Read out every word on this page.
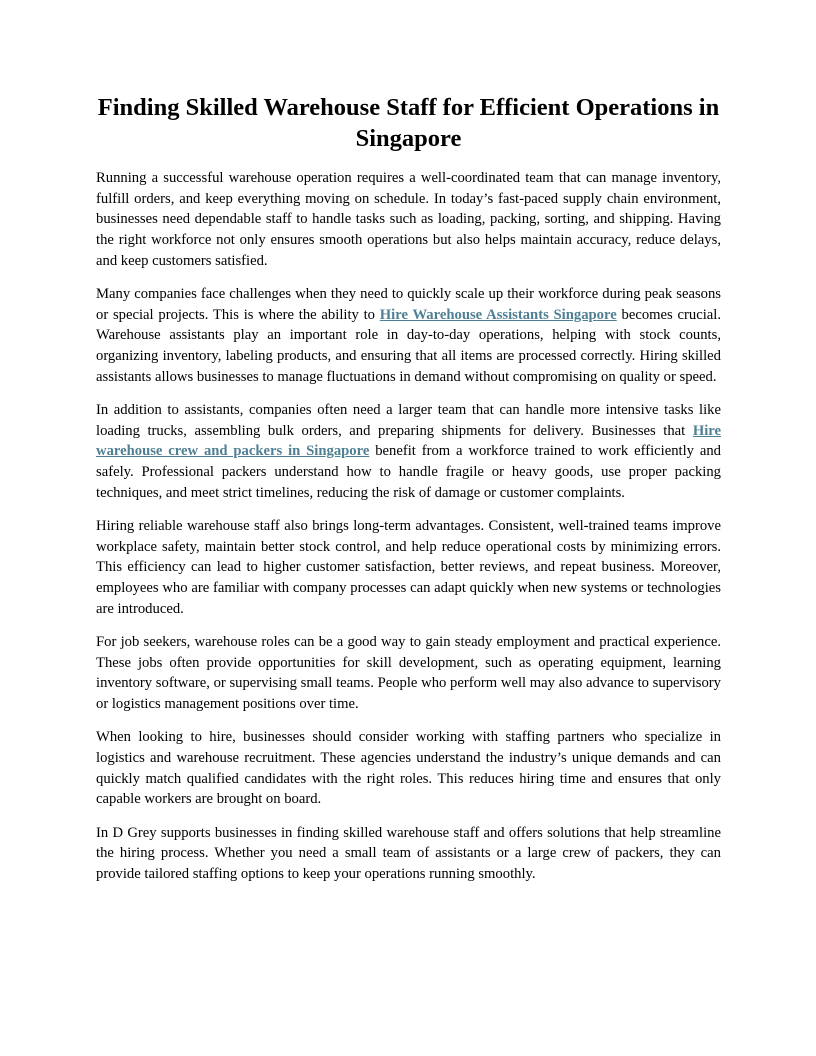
Finding Skilled Warehouse Staff for Efficient Operations in Singapore

Running a successful warehouse operation requires a well-coordinated team that can manage inventory, fulfill orders, and keep everything moving on schedule. In today’s fast-paced supply chain environment, businesses need dependable staff to handle tasks such as loading, packing, sorting, and shipping. Having the right workforce not only ensures smooth operations but also helps maintain accuracy, reduce delays, and keep customers satisfied.

Many companies face challenges when they need to quickly scale up their workforce during peak seasons or special projects. This is where the ability to Hire Warehouse Assistants Singapore becomes crucial. Warehouse assistants play an important role in day-to-day operations, helping with stock counts, organizing inventory, labeling products, and ensuring that all items are processed correctly. Hiring skilled assistants allows businesses to manage fluctuations in demand without compromising on quality or speed.

In addition to assistants, companies often need a larger team that can handle more intensive tasks like loading trucks, assembling bulk orders, and preparing shipments for delivery. Businesses that Hire warehouse crew and packers in Singapore benefit from a workforce trained to work efficiently and safely. Professional packers understand how to handle fragile or heavy goods, use proper packing techniques, and meet strict timelines, reducing the risk of damage or customer complaints.

Hiring reliable warehouse staff also brings long-term advantages. Consistent, well-trained teams improve workplace safety, maintain better stock control, and help reduce operational costs by minimizing errors. This efficiency can lead to higher customer satisfaction, better reviews, and repeat business. Moreover, employees who are familiar with company processes can adapt quickly when new systems or technologies are introduced.

For job seekers, warehouse roles can be a good way to gain steady employment and practical experience. These jobs often provide opportunities for skill development, such as operating equipment, learning inventory software, or supervising small teams. People who perform well may also advance to supervisory or logistics management positions over time.

When looking to hire, businesses should consider working with staffing partners who specialize in logistics and warehouse recruitment. These agencies understand the industry’s unique demands and can quickly match qualified candidates with the right roles. This reduces hiring time and ensures that only capable workers are brought on board.

In D Grey supports businesses in finding skilled warehouse staff and offers solutions that help streamline the hiring process. Whether you need a small team of assistants or a large crew of packers, they can provide tailored staffing options to keep your operations running smoothly.
